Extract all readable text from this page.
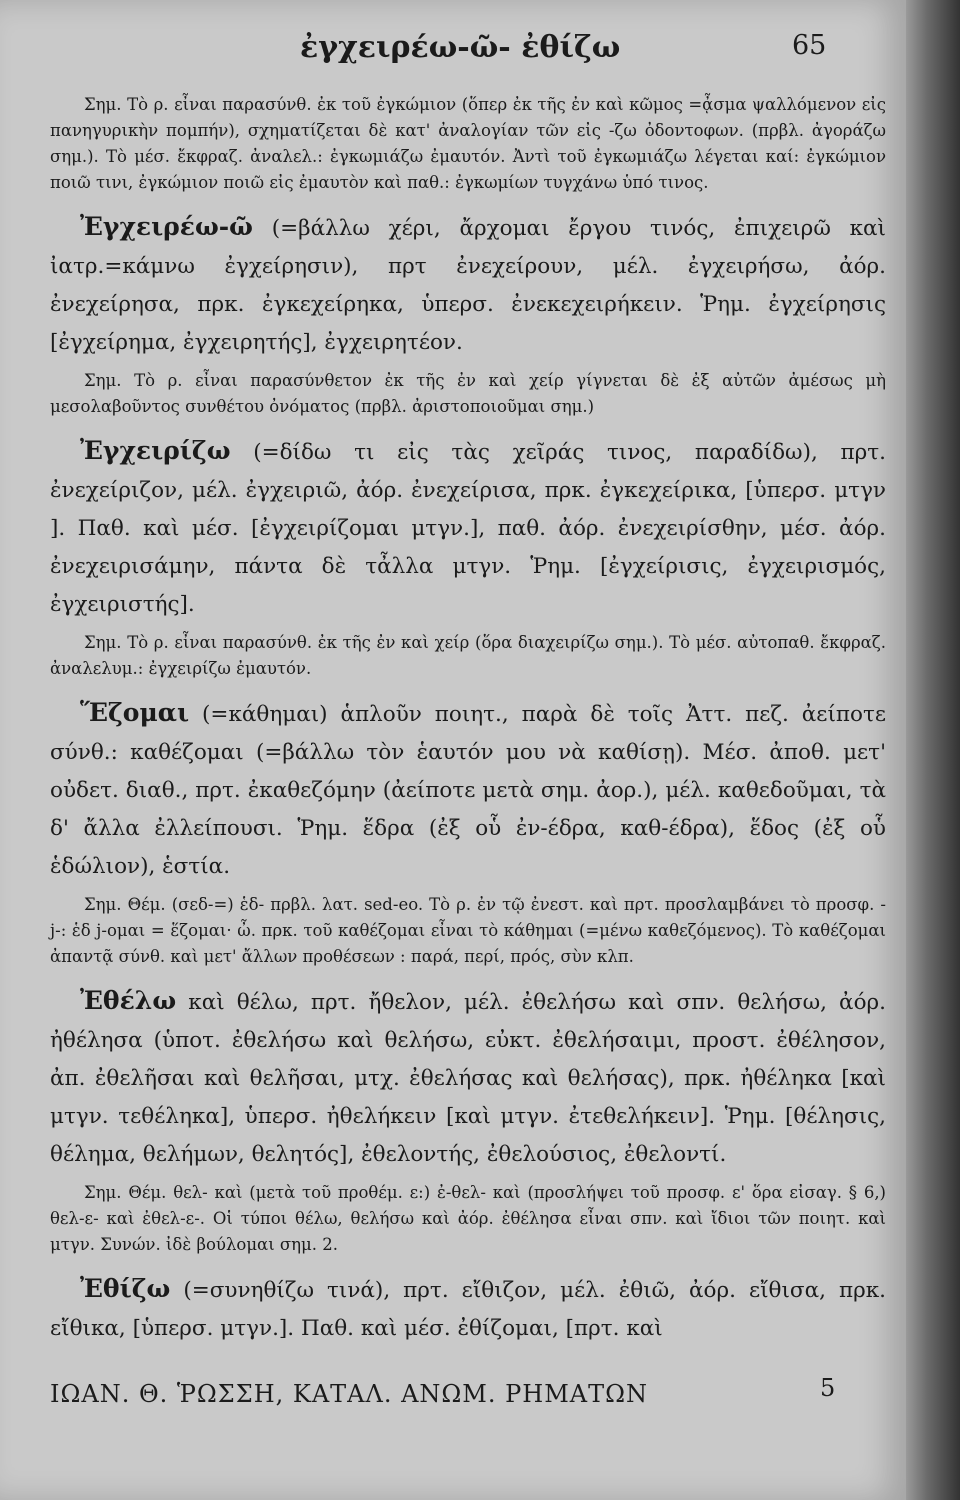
ἐγχειρέω-ῶ- ἐθίζω	65

Σημ. Τὸ ρ. εἶναι παρασύνθ. ἐκ τοῦ ἐγκώμιον (ὅπερ ἐκ τῆς ἐν καὶ κῶμος =ᾆσμα ψαλλόμενον εἰς πανηγυρικὴν πομπήν), σχηματίζεται δὲ κατ' ἀναλογίαν τῶν εἰς -ζω ὀδοντοφων. (πρβλ. ἀγοράζω σημ.). Τὸ μέσ. ἔκφραζ. ἀναλελ.: ἐγκωμιάζω ἐμαυτόν. Ἀντὶ τοῦ ἐγκωμιάζω λέγεται καί: ἐγκώμιον ποιῶ τινι, ἐγκώμιον ποιῶ εἰς ἐμαυτὸν καὶ παθ.: ἐγκωμίων τυγχάνω ὑπό τινος.

Ἐγχειρέω-ῶ (=βάλλω χέρι, ἄρχομαι ἔργου τινός, ἐπιχειρῶ καὶ ἰατρ.=κάμνω ἐγχείρησιν), πρτ ἐνεχείρουν, μέλ. ἐγχειρήσω, ἀόρ. ἐνεχείρησα, πρκ. ἐγκεχείρηκα, ὑπερσ. ἐνεκεχειρήκειν. Ῥημ. ἐγχείρησις [ἐγχείρημα, ἐγχειρητής], ἐγχειρητέον.

Σημ. Τὸ ρ. εἶναι παρασύνθετον ἐκ τῆς ἐν καὶ χείρ γίγνεται δὲ ἐξ αὐτῶν ἀμέσως μὴ μεσολαβοῦντος συνθέτου ὀνόματος (πρβλ. ἀριστοποιοῦμαι σημ.)

Ἐγχειρίζω (=δίδω τι εἰς τὰς χεῖράς τινος, παραδίδω), πρτ. ἐνεχείριζον, μέλ. ἐγχειριῶ, ἀόρ. ἐνεχείρισα, πρκ. ἐγκεχείρικα, [ὑπερσ. μτγν ]. Παθ. καὶ μέσ. [ἐγχειρίζομαι μτγν.], παθ. ἀόρ. ἐνεχειρίσθην, μέσ. ἀόρ. ἐνεχειρισάμην, πάντα δὲ τἆλλα μτγν. Ῥημ. [ἐγχείρισις, ἐγχειρισμός, ἐγχειριστής].

Σημ. Τὸ ρ. εἶναι παρασύνθ. ἐκ τῆς ἐν καὶ χείρ (ὅρα διαχειρίζω σημ.). Τὸ μέσ. αὐτοπαθ. ἔκφραζ. ἀναλελυμ.: ἐγχειρίζω ἐμαυτόν.

Ἕζομαι (=κάθημαι) ἁπλοῦν ποιητ., παρὰ δὲ τοῖς Ἀττ. πεζ. ἀείποτε σύνθ.: καθέζομαι (=βάλλω τὸν ἑαυτόν μου νὰ καθίσῃ). Μέσ. ἀποθ. μετ' οὐδετ. διαθ., πρτ. ἐκαθεζόμην (ἀείποτε μετὰ σημ. ἀορ.), μέλ. καθεδοῦμαι, τὰ δ' ἄλλα ἐλλείπουσι. Ῥημ. ἕδρα (ἐξ οὗ ἐν-έδρα, καθ-έδρα), ἕδος (ἐξ οὗ ἑδώλιον), ἑστία.

Σημ. Θέμ. (σεδ-=) ἑδ- πρβλ. λατ. sed-eo. Τὸ ρ. ἐν τῷ ἐνεστ. καὶ πρτ. προσλαμβάνει τὸ προσφ. -j-: ἑδ j-ομαι = ἕζομαι· ὦ. πρκ. τοῦ καθέζομαι εἶναι τὸ κάθημαι (=μένω καθεζόμενος). Τὸ καθέζομαι ἀπαντᾷ σύνθ. καὶ μετ' ἄλλων προθέσεων : παρά, περί, πρός, σὺν κλπ.

Ἐθέλω καὶ θέλω, πρτ. ἤθελον, μέλ. ἐθελήσω καὶ σπν. θελήσω, ἀόρ. ἠθέλησα (ὑποτ. ἐθελήσω καὶ θελήσω, εὐκτ. ἐθελήσαιμι, προστ. ἐθέλησον, ἀπ. ἐθελῆσαι καὶ θελῆσαι, μτχ. ἐθελήσας καὶ θελήσας), πρκ. ἠθέληκα [καὶ μτγν. τεθέληκα], ὑπερσ. ἠθελήκειν [καὶ μτγν. ἐτεθελήκειν]. Ῥημ. [θέλησις, θέλημα, θελήμων, θελητός], ἐθελοντής, ἐθελούσιος, ἐθελοντί.

Σημ. Θέμ. θελ- καὶ (μετὰ τοῦ προθέμ. ε:) ἐ-θελ- καὶ (προσλήψει τοῦ προσφ. ε' ὅρα εἰσαγ. § 6,) θελ-ε- καὶ ἐθελ-ε-. Οἱ τύποι θέλω, θελήσω καὶ ἀόρ. ἐθέλησα εἶναι σπν. καὶ ἴδιοι τῶν ποιητ. καὶ μτγν. Συνών. ἰδὲ βούλομαι σημ. 2.

Ἐθίζω (=συνηθίζω τινά), πρτ. εἴθιζον, μέλ. ἐθιῶ, ἀόρ. εἴθισα, πρκ. εἴθικα, [ὑπερσ. μτγν.]. Παθ. καὶ μέσ. ἐθίζομαι, [πρτ. καὶ

ΙΩΑΝ. Θ. ῬΩΣΣΗ, ΚΑΤΑΛ. ΑΝΩΜ. ΡΗΜΑΤΩΝ	5
